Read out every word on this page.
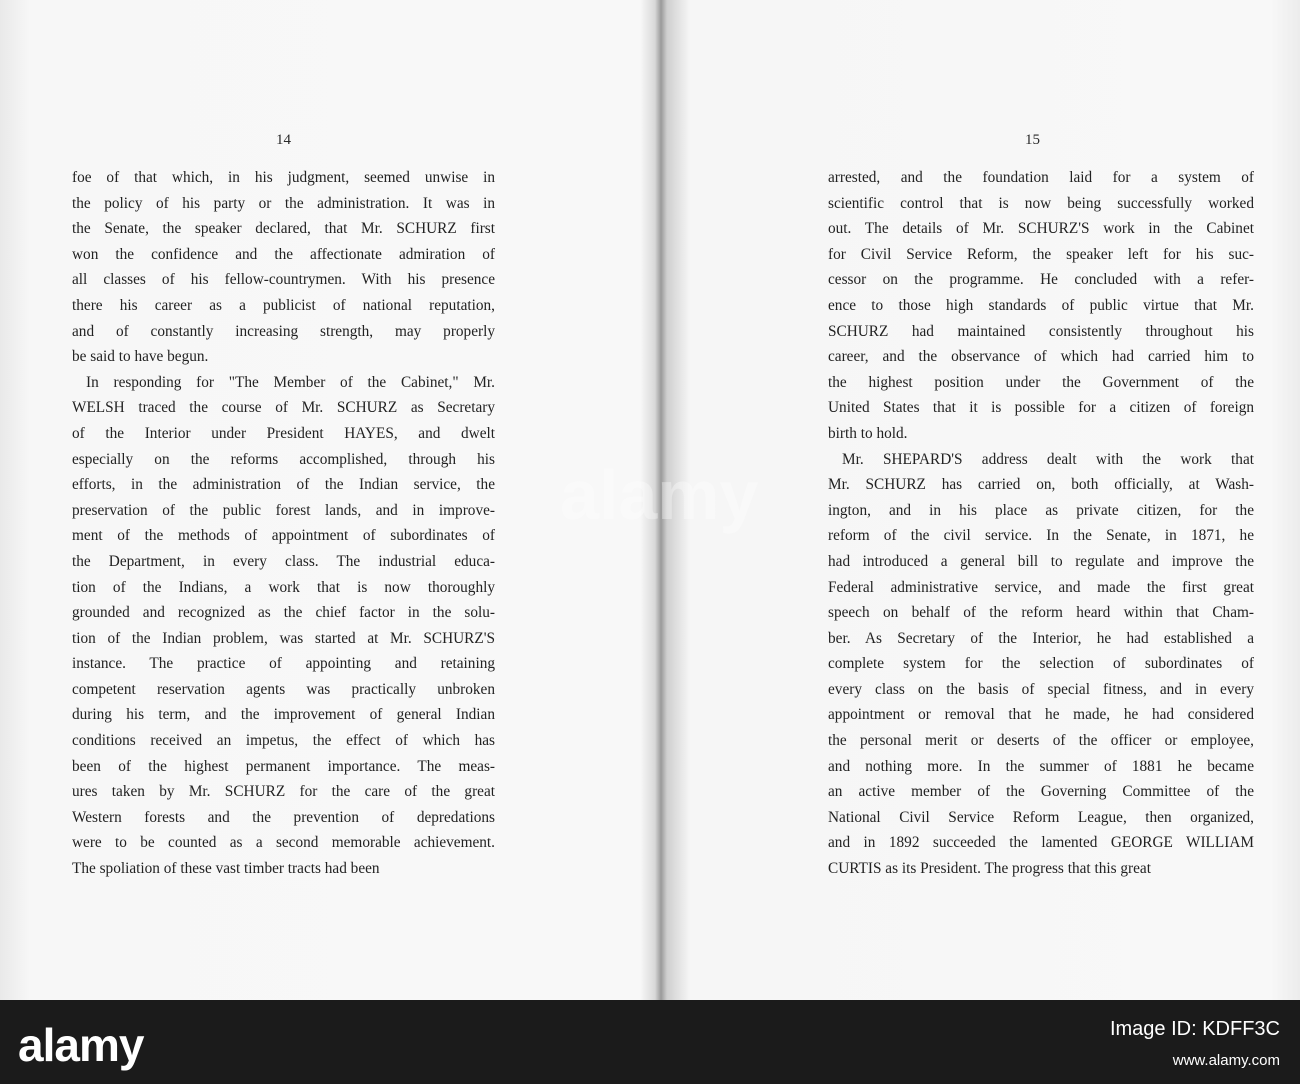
14
foe of that which, in his judgment, seemed unwise in
the policy of his party or the administration. It was in
the Senate, the speaker declared, that Mr. SCHURZ first
won the confidence and the affectionate admiration of
all classes of his fellow-countrymen. With his presence
there his career as a publicist of national reputation,
and of constantly increasing strength, may properly
be said to have begun.
In responding for "The Member of the Cabinet," Mr.
WELSH traced the course of Mr. SCHURZ as Secretary
of the Interior under President HAYES, and dwelt
especially on the reforms accomplished, through his
efforts, in the administration of the Indian service, the
preservation of the public forest lands, and in improve-
ment of the methods of appointment of subordinates of
the Department, in every class. The industrial educa-
tion of the Indians, a work that is now thoroughly
grounded and recognized as the chief factor in the solu-
tion of the Indian problem, was started at Mr. SCHURZ'S
instance. The practice of appointing and retaining
competent reservation agents was practically unbroken
during his term, and the improvement of general Indian
conditions received an impetus, the effect of which has
been of the highest permanent importance. The meas-
ures taken by Mr. SCHURZ for the care of the great
Western forests and the prevention of depredations
were to be counted as a second memorable achievement.
The spoliation of these vast timber tracts had been
15
arrested, and the foundation laid for a system of
scientific control that is now being successfully worked
out. The details of Mr. SCHURZ'S work in the Cabinet
for Civil Service Reform, the speaker left for his suc-
cessor on the programme. He concluded with a refer-
ence to those high standards of public virtue that Mr.
SCHURZ had maintained consistently throughout his
career, and the observance of which had carried him to
the highest position under the Government of the
United States that it is possible for a citizen of foreign
birth to hold.
Mr. SHEPARD'S address dealt with the work that
Mr. SCHURZ has carried on, both officially, at Wash-
ington, and in his place as private citizen, for the
reform of the civil service. In the Senate, in 1871, he
had introduced a general bill to regulate and improve the
Federal administrative service, and made the first great
speech on behalf of the reform heard within that Cham-
ber. As Secretary of the Interior, he had established a
complete system for the selection of subordinates of
every class on the basis of special fitness, and in every
appointment or removal that he made, he had considered
the personal merit or deserts of the officer or employee,
and nothing more. In the summer of 1881 he became
an active member of the Governing Committee of the
National Civil Service Reform League, then organized,
and in 1892 succeeded the lamented GEORGE WILLIAM
CURTIS as its President. The progress that this great
alamy
alamy	Image ID: KDFF3C
www.alamy.com
